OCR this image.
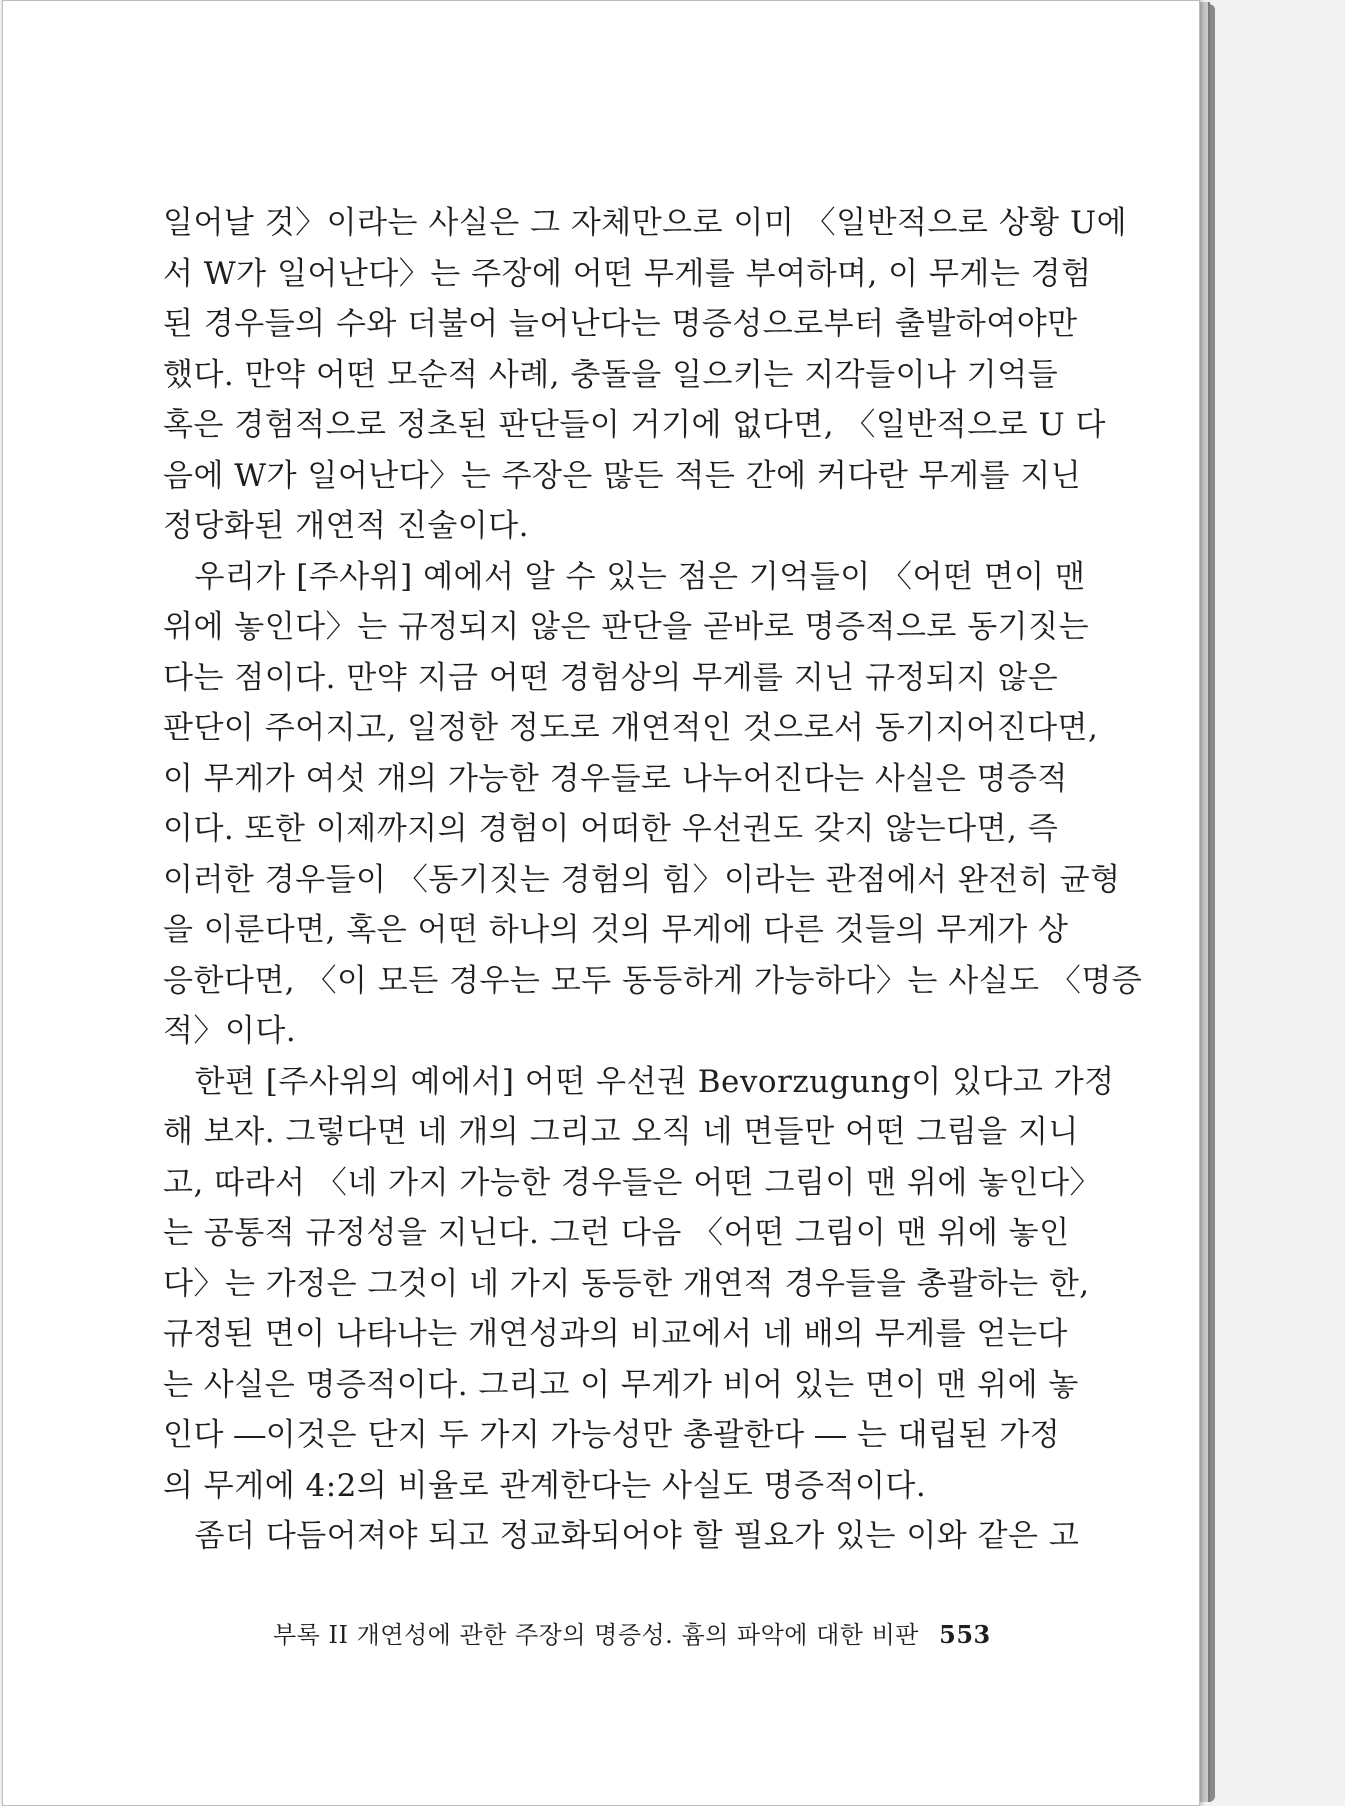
일어날 것〉이라는 사실은 그 자체만으로 이미 〈일반적으로 상황 U에
서 W가 일어난다〉는 주장에 어떤 무게를 부여하며, 이 무게는 경험
된 경우들의 수와 더불어 늘어난다는 명증성으로부터 출발하여야만
했다. 만약 어떤 모순적 사례, 충돌을 일으키는 지각들이나 기억들
혹은 경험적으로 정초된 판단들이 거기에 없다면, 〈일반적으로 U 다
음에 W가 일어난다〉는 주장은 많든 적든 간에 커다란 무게를 지닌
정당화된 개연적 진술이다.
　우리가 [주사위] 예에서 알 수 있는 점은 기억들이 〈어떤 면이 맨
위에 놓인다〉는 규정되지 않은 판단을 곧바로 명증적으로 동기짓는
다는 점이다. 만약 지금 어떤 경험상의 무게를 지닌 규정되지 않은
판단이 주어지고, 일정한 정도로 개연적인 것으로서 동기지어진다면,
이 무게가 여섯 개의 가능한 경우들로 나누어진다는 사실은 명증적
이다. 또한 이제까지의 경험이 어떠한 우선권도 갖지 않는다면, 즉
이러한 경우들이 〈동기짓는 경험의 힘〉이라는 관점에서 완전히 균형
을 이룬다면, 혹은 어떤 하나의 것의 무게에 다른 것들의 무게가 상
응한다면, 〈이 모든 경우는 모두 동등하게 가능하다〉는 사실도 〈명증
적〉이다.
　한편 [주사위의 예에서] 어떤 우선권 Bevorzugung이 있다고 가정
해 보자. 그렇다면 네 개의 그리고 오직 네 면들만 어떤 그림을 지니
고, 따라서 〈네 가지 가능한 경우들은 어떤 그림이 맨 위에 놓인다〉
는 공통적 규정성을 지닌다. 그런 다음 〈어떤 그림이 맨 위에 놓인
다〉는 가정은 그것이 네 가지 동등한 개연적 경우들을 총괄하는 한,
규정된 면이 나타나는 개연성과의 비교에서 네 배의 무게를 얻는다
는 사실은 명증적이다. 그리고 이 무게가 비어 있는 면이 맨 위에 놓
인다 ―이것은 단지 두 가지 가능성만 총괄한다 ― 는 대립된 가정
의 무게에 4:2의 비율로 관계한다는 사실도 명증적이다.
　좀더 다듬어져야 되고 정교화되어야 할 필요가 있는 이와 같은 고
부록 II 개연성에 관한 주장의 명증성. 흄의 파악에 대한 비판 553
